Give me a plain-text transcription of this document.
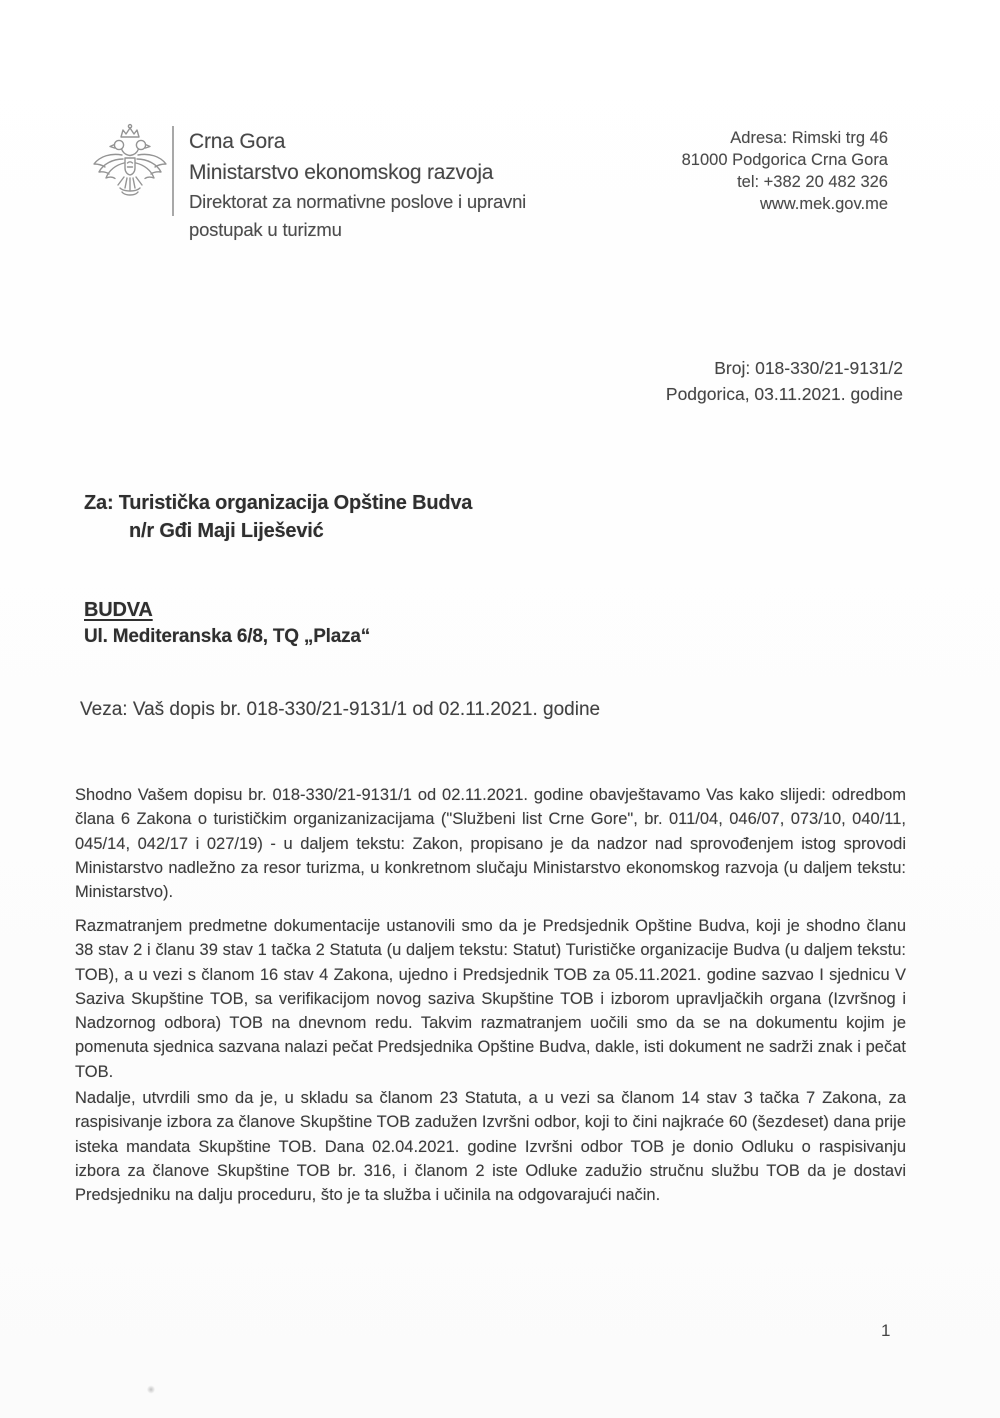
Crna Gora
Ministarstvo ekonomskog razvoja
Direktorat za normativne poslove i upravni
postupak u turizmu
Adresa: Rimski trg 46
81000 Podgorica Crna Gora
tel: +382 20 482 326
www.mek.gov.me
Broj: 018-330/21-9131/2
Podgorica, 03.11.2021. godine
Za: Turistička organizacija Opštine Budva
n/r Gđi Maji Liješević
BUDVA
Ul. Mediteranska 6/8, TQ „Plaza“
Veza: Vaš dopis br. 018-330/21-9131/1 od 02.11.2021. godine

Shodno Vašem dopisu br. 018-330/21-9131/1 od 02.11.2021. godine obavještavamo Vas kako slijedi: odredbom člana 6 Zakona o turističkim organizanizacijama ("Službeni list Crne Gore", br. 011/04, 046/07, 073/10, 040/11, 045/14, 042/17 i 027/19) - u daljem tekstu: Zakon, propisano je da nadzor nad sprovođenjem istog sprovodi Ministarstvo nadležno za resor turizma, u konkretnom slučaju Ministarstvo ekonomskog razvoja (u daljem tekstu: Ministarstvo).

Razmatranjem predmetne dokumentacije ustanovili smo da je Predsjednik Opštine Budva, koji je shodno članu 38 stav 2 i članu 39 stav 1 tačka 2 Statuta (u daljem tekstu: Statut) Turističke organizacije Budva (u daljem tekstu: TOB), a u vezi s članom 16 stav 4 Zakona, ujedno i Predsjednik TOB za 05.11.2021. godine sazvao I sjednicu V Saziva Skupštine TOB, sa verifikacijom novog saziva Skupštine TOB i izborom upravljačkih organa (Izvršnog i Nadzornog odbora) TOB na dnevnom redu. Takvim razmatranjem uočili smo da se na dokumentu kojim je pomenuta sjednica sazvana nalazi pečat Predsjednika Opštine Budva, dakle, isti dokument ne sadrži znak i pečat TOB.

Nadalje, utvrdili smo da je, u skladu sa članom 23 Statuta, a u vezi sa članom 14 stav 3 tačka 7 Zakona, za raspisivanje izbora za članove Skupštine TOB zadužen Izvršni odbor, koji to čini najkraće 60 (šezdeset) dana prije isteka mandata Skupštine TOB. Dana 02.04.2021. godine Izvršni odbor TOB je donio Odluku o raspisivanju izbora za članove Skupštine TOB br. 316, i članom 2 iste Odluke zadužio stručnu službu TOB da je dostavi Predsjedniku na dalju proceduru, što je ta služba i učinila na odgovarajući način.

1
